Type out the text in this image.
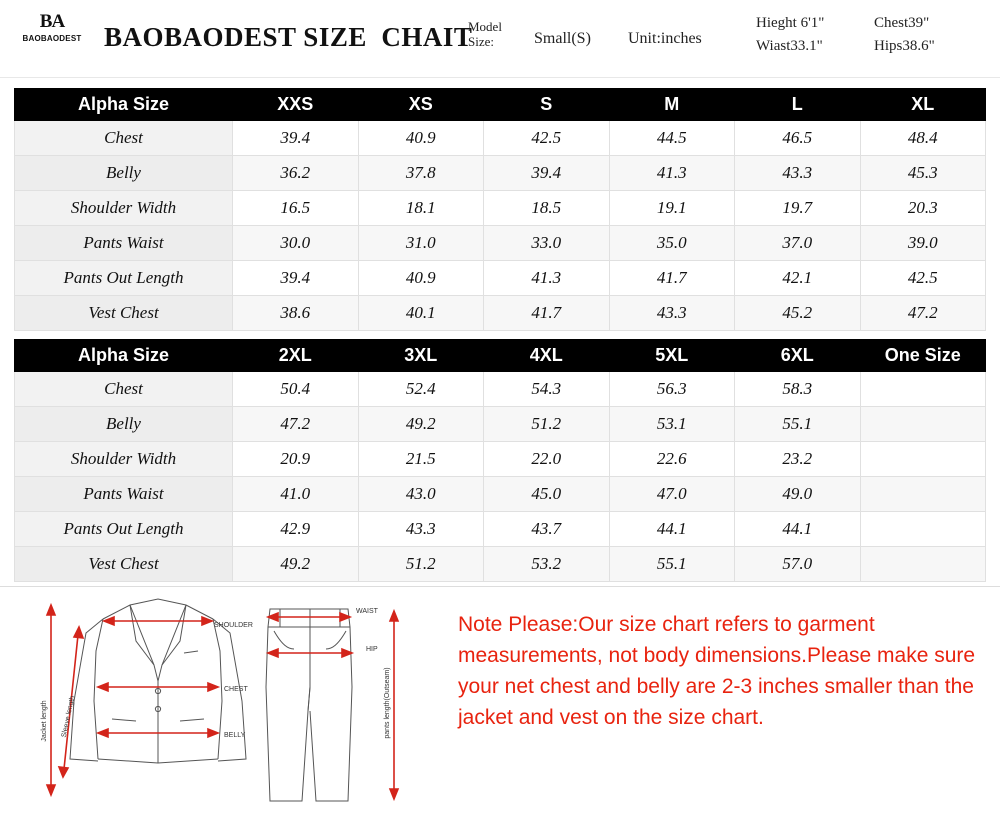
BA
BAOBAODEST BAOBAODEST SIZE  CHAIT
Model
Size:	Small(S) Unit:inches
Hieght 6'1"	Chest39"
Wiast33.1"	Hips38.6"
Alpha Size	XXS	XS	S	M	L	XL
Chest	39.4	40.9	42.5	44.5	46.5	48.4
Belly	36.2	37.8	39.4	41.3	43.3	45.3
Shoulder Width	16.5	18.1	18.5	19.1	19.7	20.3
Pants Waist	30.0	31.0	33.0	35.0	37.0	39.0
Pants Out Length	39.4	40.9	41.3	41.7	42.1	42.5
Vest Chest	38.6	40.1	41.7	43.3	45.2	47.2
Alpha Size	2XL	3XL	4XL	5XL	6XL	One Size
Chest	50.4	52.4	54.3	56.3	58.3	
Belly	47.2	49.2	51.2	53.1	55.1	
Shoulder Width	20.9	21.5	22.0	22.6	23.2	
Pants Waist	41.0	43.0	45.0	47.0	49.0	
Pants Out Length	42.9	43.3	43.7	44.1	44.1	
Vest Chest	49.2	51.2	53.2	55.1	57.0	
Jacket length Sleeve length
SHOULDER
CHEST
BELLY
WAIST
HIP
pants length(Outseam)
Note Please:Our size chart refers to garment measurements, not body dimensions.Please make sure your net chest and belly are 2-3 inches smaller than the jacket and vest on the size chart.
